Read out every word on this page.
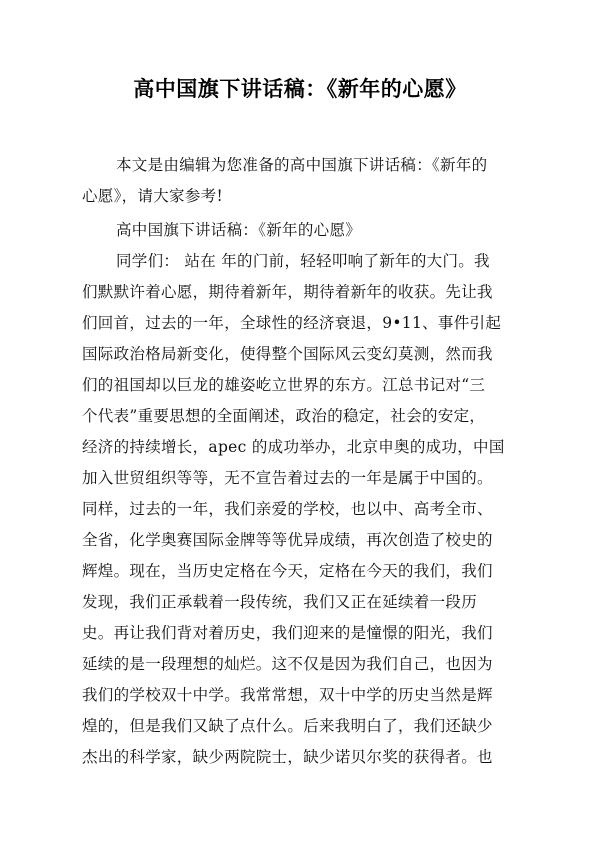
高中国旗下讲话稿：《新年的心愿》
本文是由编辑为您准备的高中国旗下讲话稿：《新年的
心愿》，请大家参考!
高中国旗下讲话稿：《新年的心愿》
同学们： 站在 年的门前，轻轻叩响了新年的大门。我
们默默许着心愿，期待着新年，期待着新年的收获。先让我
们回首，过去的一年，全球性的经济衰退，9•11、事件引起
国际政治格局新变化，使得整个国际风云变幻莫测，然而我
们的祖国却以巨龙的雄姿屹立世界的东方。江总书记对“三
个代表”重要思想的全面阐述，政治的稳定，社会的安定，
经济的持续增长，apec 的成功举办，北京申奥的成功，中国
加入世贸组织等等，无不宣告着过去的一年是属于中国的。
同样，过去的一年，我们亲爱的学校，也以中、高考全市、
全省，化学奥赛国际金牌等等优异成绩，再次创造了校史的
辉煌。现在，当历史定格在今天，定格在今天的我们，我们
发现，我们正承载着一段传统，我们又正在延续着一段历
史。再让我们背对着历史，我们迎来的是憧憬的阳光，我们
延续的是一段理想的灿烂。这不仅是因为我们自己，也因为
我们的学校双十中学。我常常想，双十中学的历史当然是辉
煌的，但是我们又缺了点什么。后来我明白了，我们还缺少
杰出的科学家，缺少两院院士，缺少诺贝尔奖的获得者。也
